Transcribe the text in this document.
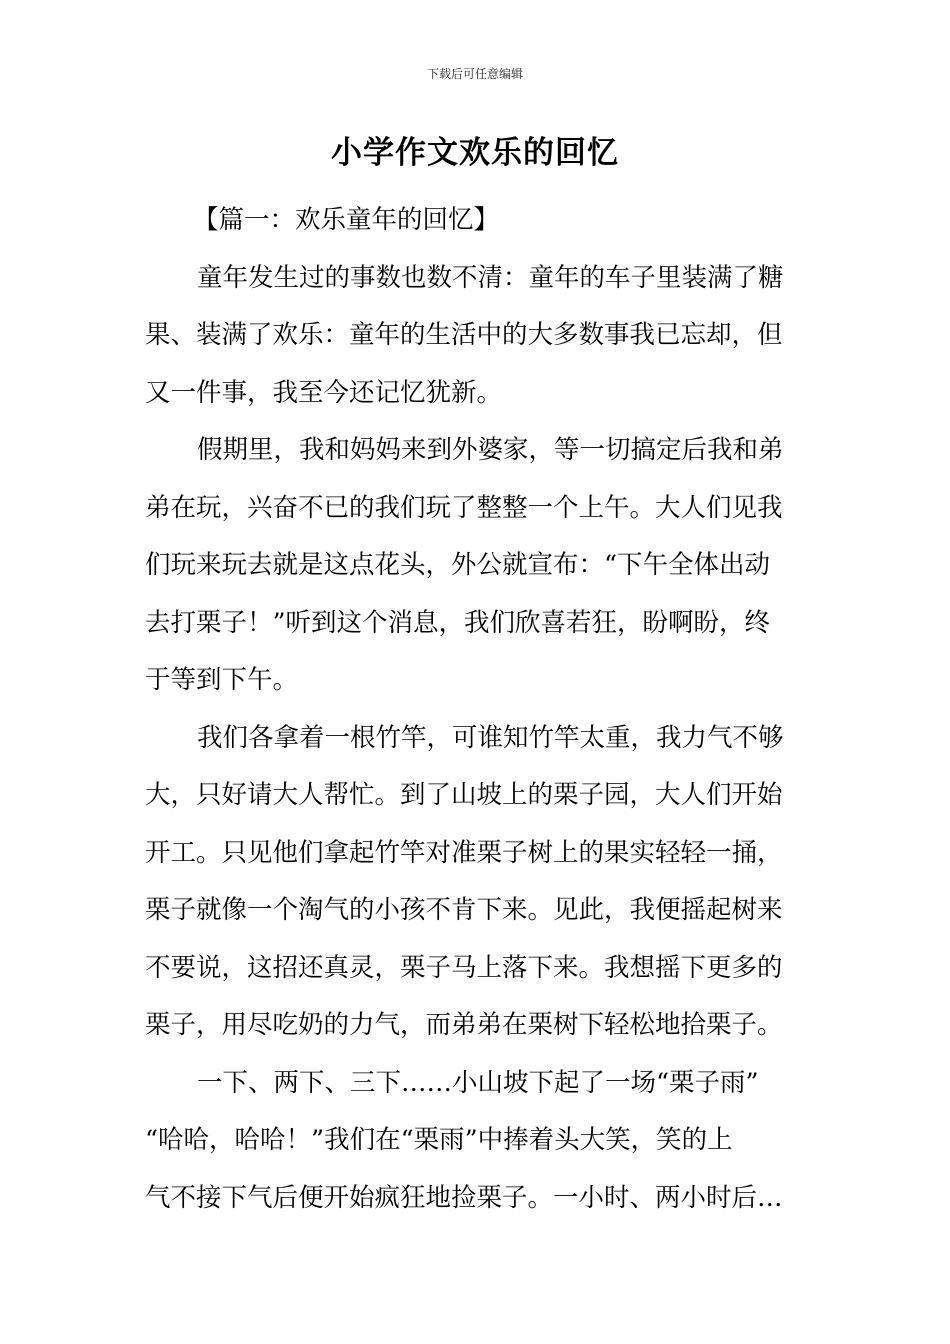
下载后可任意编辑
小学作文欢乐的回忆
【篇一：欢乐童年的回忆】
童年发生过的事数也数不清：童年的车子里装满了糖
果、装满了欢乐：童年的生活中的大多数事我已忘却，但
又一件事，我至今还记忆犹新。
假期里，我和妈妈来到外婆家，等一切搞定后我和弟
弟在玩，兴奋不已的我们玩了整整一个上午。大人们见我
们玩来玩去就是这点花头，外公就宣布：“下午全体出动
去打栗子！”听到这个消息，我们欣喜若狂，盼啊盼，终
于等到下午。
我们各拿着一根竹竿，可谁知竹竿太重，我力气不够
大，只好请大人帮忙。到了山坡上的栗子园，大人们开始
开工。只见他们拿起竹竿对准栗子树上的果实轻轻一捅，
栗子就像一个淘气的小孩不肯下来。见此，我便摇起树来
不要说，这招还真灵，栗子马上落下来。我想摇下更多的
栗子，用尽吃奶的力气，而弟弟在栗树下轻松地拾栗子。
一下、两下、三下……小山坡下起了一场“栗子雨”
“哈哈，哈哈！”我们在“栗雨”中捧着头大笑，笑的上
气不接下气后便开始疯狂地捡栗子。一小时、两小时后…
